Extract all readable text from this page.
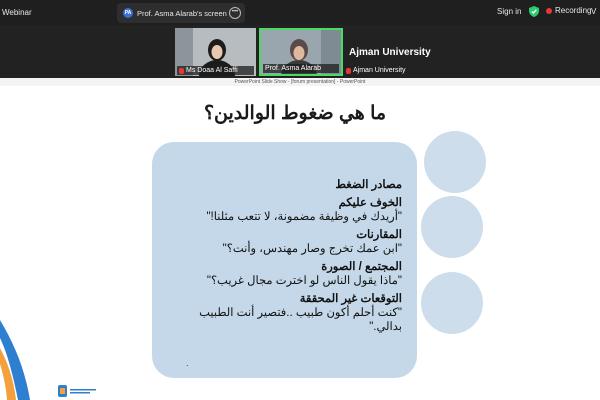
Webinar	PA Prof. Asma Alarab's screen •••	Sign in	Recording V
Ms Doaa Al Saffi	Prof. Asma Alarab
Ajman University
Ajman University
PowerPoint Slide Show - [forum presentation] - PowerPoint
ما هي ضغوط الوالدين؟
مصادر الضغط
الخوف عليكم
"أريدك في وظيفة مضمونة، لا تتعب مثلنا!"
المقارنات
"ابن عمك تخرج وصار مهندس، وأنت؟"
المجتمع / الصورة
"ماذا يقول الناس لو اخترت مجال غريب؟"
التوقعات غير المحققة
"كنت أحلم أكون طبيب ..فتصير أنت الطبيب
بدالي."
.
